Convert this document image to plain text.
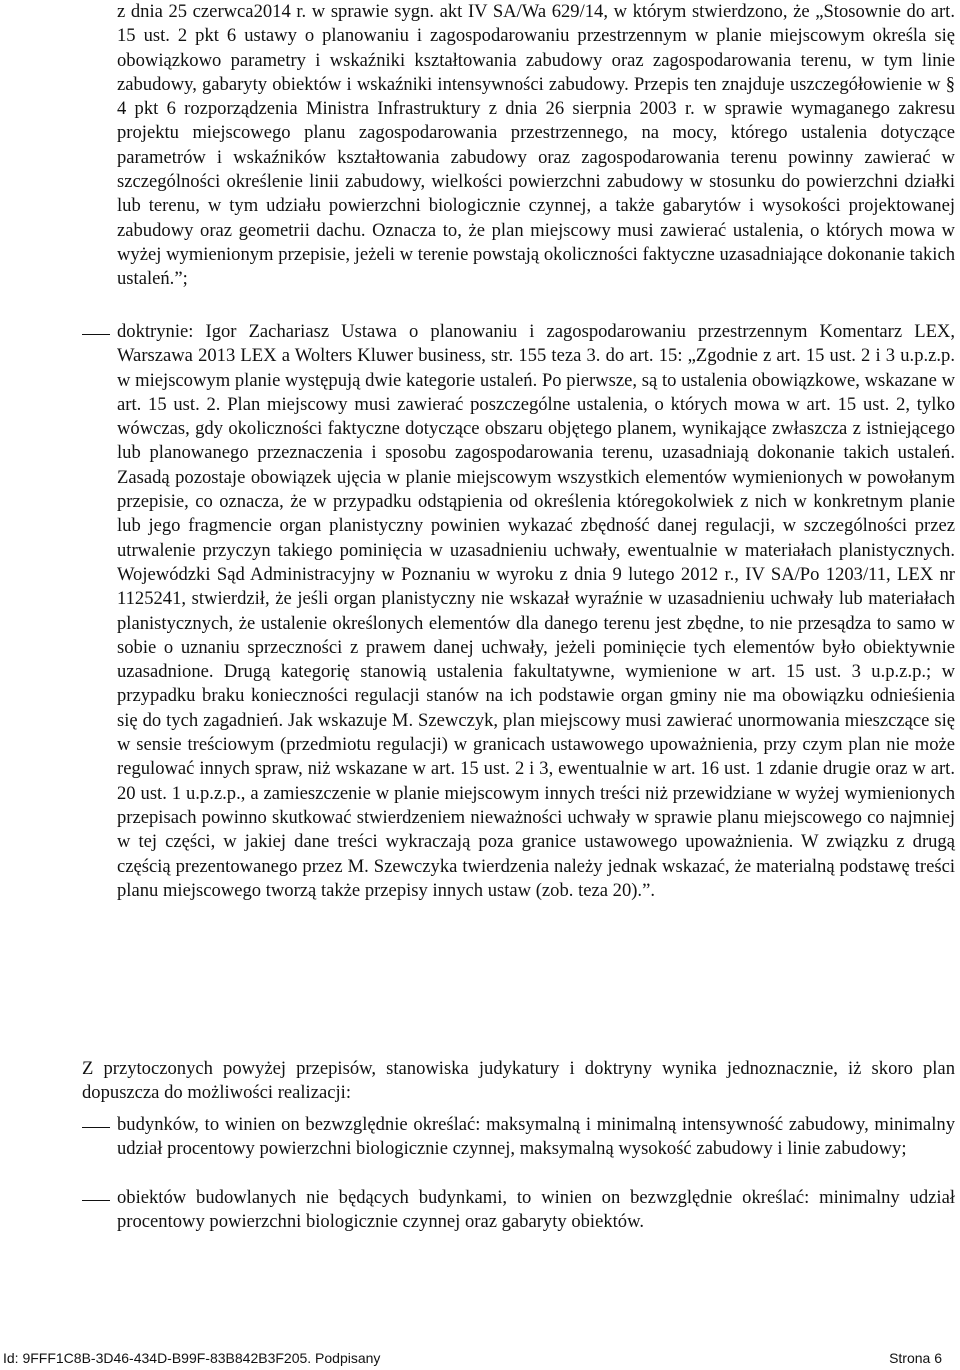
z dnia 25 czerwca2014 r. w sprawie sygn. akt IV SA/Wa 629/14, w którym stwierdzono, że „Stosownie do art. 15 ust. 2 pkt 6 ustawy o planowaniu i zagospodarowaniu przestrzennym w planie miejscowym określa się obowiązkowo parametry i wskaźniki kształtowania zabudowy oraz zagospodarowania terenu, w tym linie zabudowy, gabaryty obiektów i wskaźniki intensywności zabudowy. Przepis ten znajduje uszczegółowienie w § 4 pkt 6 rozporządzenia Ministra Infrastruktury z dnia 26 sierpnia 2003 r. w sprawie wymaganego zakresu projektu miejscowego planu zagospodarowania przestrzennego, na mocy, którego ustalenia dotyczące parametrów i wskaźników kształtowania zabudowy oraz zagospodarowania terenu powinny zawierać w szczególności określenie linii zabudowy, wielkości powierzchni zabudowy w stosunku do powierzchni działki lub terenu, w tym udziału powierzchni biologicznie czynnej, a także gabarytów i wysokości projektowanej zabudowy oraz geometrii dachu. Oznacza to, że plan miejscowy musi zawierać ustalenia, o których mowa w wyżej wymienionym przepisie, jeżeli w terenie powstają okoliczności faktyczne uzasadniające dokonanie takich ustaleń.”;

doktrynie: Igor Zachariasz Ustawa o planowaniu i zagospodarowaniu przestrzennym Komentarz LEX, Warszawa 2013 LEX a Wolters Kluwer business, str. 155 teza 3. do art. 15: „Zgodnie z art. 15 ust. 2 i 3 u.p.z.p. w miejscowym planie występują dwie kategorie ustaleń. Po pierwsze, są to ustalenia obowiązkowe, wskazane w art. 15 ust. 2. Plan miejscowy musi zawierać poszczególne ustalenia, o których mowa w art. 15 ust. 2, tylko wówczas, gdy okoliczności faktyczne dotyczące obszaru objętego planem, wynikające zwłaszcza z istniejącego lub planowanego przeznaczenia i sposobu zagospodarowania terenu, uzasadniają dokonanie takich ustaleń. Zasadą pozostaje obowiązek ujęcia w planie miejscowym wszystkich elementów wymienionych w powołanym przepisie, co oznacza, że w przypadku odstąpienia od określenia któregokolwiek z nich w konkretnym planie lub jego fragmencie organ planistyczny powinien wykazać zbędność danej regulacji, w szczególności przez utrwalenie przyczyn takiego pominięcia w uzasadnieniu uchwały, ewentualnie w materiałach planistycznych. Wojewódzki Sąd Administracyjny w Poznaniu w wyroku z dnia 9 lutego 2012 r., IV SA/Po 1203/11, LEX nr 1125241, stwierdził, że jeśli organ planistyczny nie wskazał wyraźnie w uzasadnieniu uchwały lub materiałach planistycznych, że ustalenie określonych elementów dla danego terenu jest zbędne, to nie przesądza to samo w sobie o uznaniu sprzeczności z prawem danej uchwały, jeżeli pominięcie tych elementów było obiektywnie uzasadnione. Drugą kategorię stanowią ustalenia fakultatywne, wymienione w art. 15 ust. 3 u.p.z.p.; w przypadku braku konieczności regulacji stanów na ich podstawie organ gminy nie ma obowiązku odnieśienia się do tych zagadnień. Jak wskazuje M. Szewczyk, plan miejscowy musi zawierać unormowania mieszczące się w sensie treściowym (przedmiotu regulacji) w granicach ustawowego upoważnienia, przy czym plan nie może regulować innych spraw, niż wskazane w art. 15 ust. 2 i 3, ewentualnie w art. 16 ust. 1 zdanie drugie oraz w art. 20 ust. 1 u.p.z.p., a zamieszczenie w planie miejscowym innych treści niż przewidziane w wyżej wymienionych przepisach powinno skutkować stwierdzeniem nieważności uchwały w sprawie planu miejscowego co najmniej w tej części, w jakiej dane treści wykraczają poza granice ustawowego upoważnienia. W związku z drugą częścią prezentowanego przez M. Szewczyka twierdzenia należy jednak wskazać, że materialną podstawę treści planu miejscowego tworzą także przepisy innych ustaw (zob. teza 20).”.

Z przytoczonych powyżej przepisów, stanowiska judykatury i doktryny wynika jednoznacznie, iż skoro plan dopuszcza do możliwości realizacji:

budynków, to winien on bezwzględnie określać: maksymalną i minimalną intensywność zabudowy, minimalny udział procentowy powierzchni biologicznie czynnej, maksymalną wysokość zabudowy i linie zabudowy;

obiektów budowlanych nie będących budynkami, to winien on bezwzględnie określać: minimalny udział procentowy powierzchni biologicznie czynnej oraz gabaryty obiektów.

Id: 9FFF1C8B-3D46-434D-B99F-83B842B3F205. Podpisany	Strona 6
